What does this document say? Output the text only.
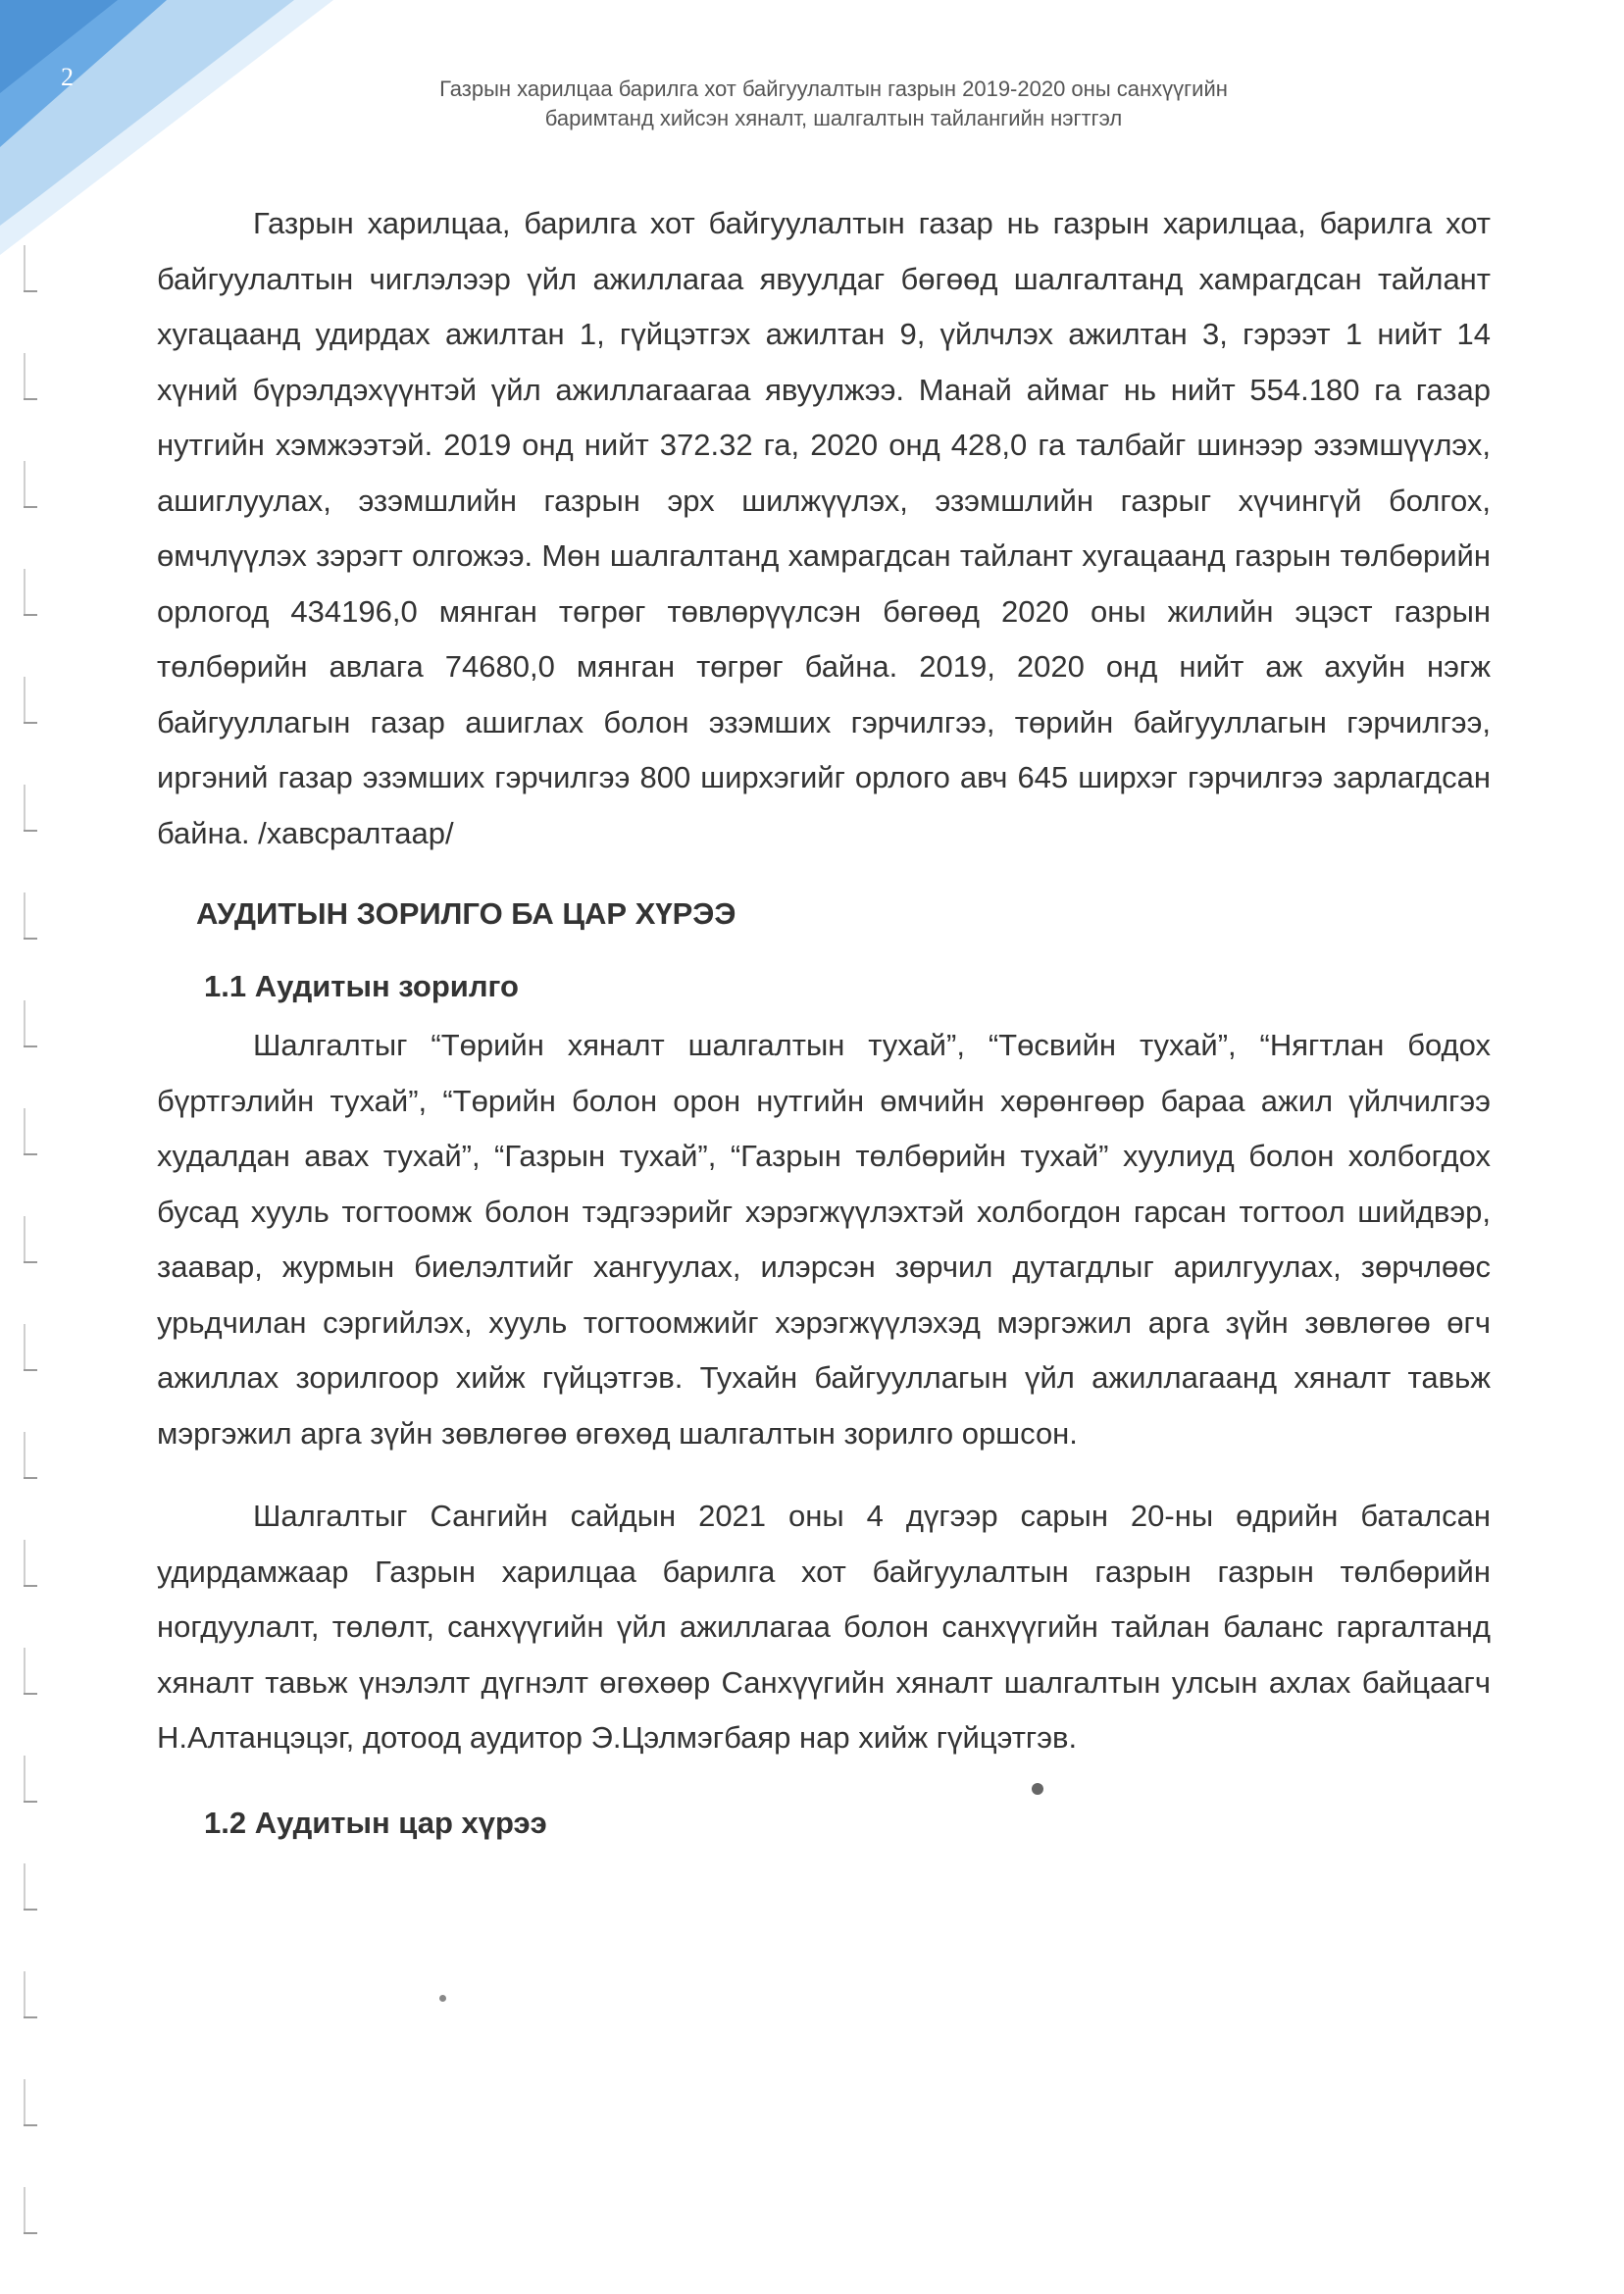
2	Газрын харилцаа барилга хот байгуулалтын газрын 2019-2020 оны санхүүгийн
баримтанд хийсэн хяналт, шалгалтын тайлангийн нэгтгэл

Газрын харилцаа, барилга хот байгуулалтын газар нь газрын харилцаа, барилга хот байгуулалтын чиглэлээр үйл ажиллагаа явуулдаг бөгөөд шалгалтанд хамрагдсан тайлант хугацаанд удирдах ажилтан 1, гүйцэтгэх ажилтан 9, үйлчлэх ажилтан 3, гэрээт 1 нийт 14 хүний бүрэлдэхүүнтэй үйл ажиллагаагаа явуулжээ. Манай аймаг нь нийт 554.180 га газар нутгийн хэмжээтэй. 2019 онд нийт 372.32 га, 2020 онд 428,0 га талбайг шинээр эзэмшүүлэх, ашиглуулах, эзэмшлийн газрын эрх шилжүүлэх, эзэмшлийн газрыг хүчингүй болгох, өмчлүүлэх зэрэгт олгожээ. Мөн шалгалтанд хамрагдсан тайлант хугацаанд газрын төлбөрийн орлогод 434196,0 мянган төгрөг төвлөрүүлсэн бөгөөд 2020 оны жилийн эцэст газрын төлбөрийн авлага 74680,0 мянган төгрөг байна. 2019, 2020 онд нийт аж ахуйн нэгж байгууллагын газар ашиглах болон эзэмших гэрчилгээ, төрийн байгууллагын гэрчилгээ, иргэний газар эзэмших гэрчилгээ 800 ширхэгийг орлого авч 645 ширхэг гэрчилгээ зарлагдсан байна. /хавсралтаар/

АУДИТЫН ЗОРИЛГО БА ЦАР ХҮРЭЭ
1.1 Аудитын зорилго

Шалгалтыг “Төрийн хяналт шалгалтын тухай”, “Төсвийн тухай”, “Нягтлан бодох бүртгэлийн тухай”, “Төрийн болон орон нутгийн өмчийн хөрөнгөөр бараа ажил үйлчилгээ худалдан авах тухай”, “Газрын тухай”, “Газрын төлбөрийн тухай” хуулиуд болон холбогдох бусад хууль тогтоомж болон тэдгээрийг хэрэгжүүлэхтэй холбогдон гарсан тогтоол шийдвэр, заавар, журмын биелэлтийг хангуулах, илэрсэн зөрчил дутагдлыг арилгуулах, зөрчлөөс урьдчилан сэргийлэх, хууль тогтоомжийг хэрэгжүүлэхэд мэргэжил арга зүйн зөвлөгөө өгч ажиллах зорилгоор хийж гүйцэтгэв. Тухайн байгууллагын үйл ажиллагаанд хяналт тавьж мэргэжил арга зүйн зөвлөгөө өгөхөд шалгалтын зорилго оршсон.

Шалгалтыг Сангийн сайдын 2021 оны 4 дүгээр сарын 20-ны өдрийн баталсан удирдамжаар Газрын харилцаа барилга хот байгуулалтын газрын газрын төлбөрийн ногдуулалт, төлөлт, санхүүгийн үйл ажиллагаа болон санхүүгийн тайлан баланс гаргалтанд хяналт тавьж үнэлэлт дүгнэлт өгөхөөр Санхүүгийн хяналт шалгалтын улсын ахлах байцаагч Н.Алтанцэцэг, дотоод аудитор Э.Цэлмэгбаяр нар хийж гүйцэтгэв.

1.2 Аудитын цар хүрээ
